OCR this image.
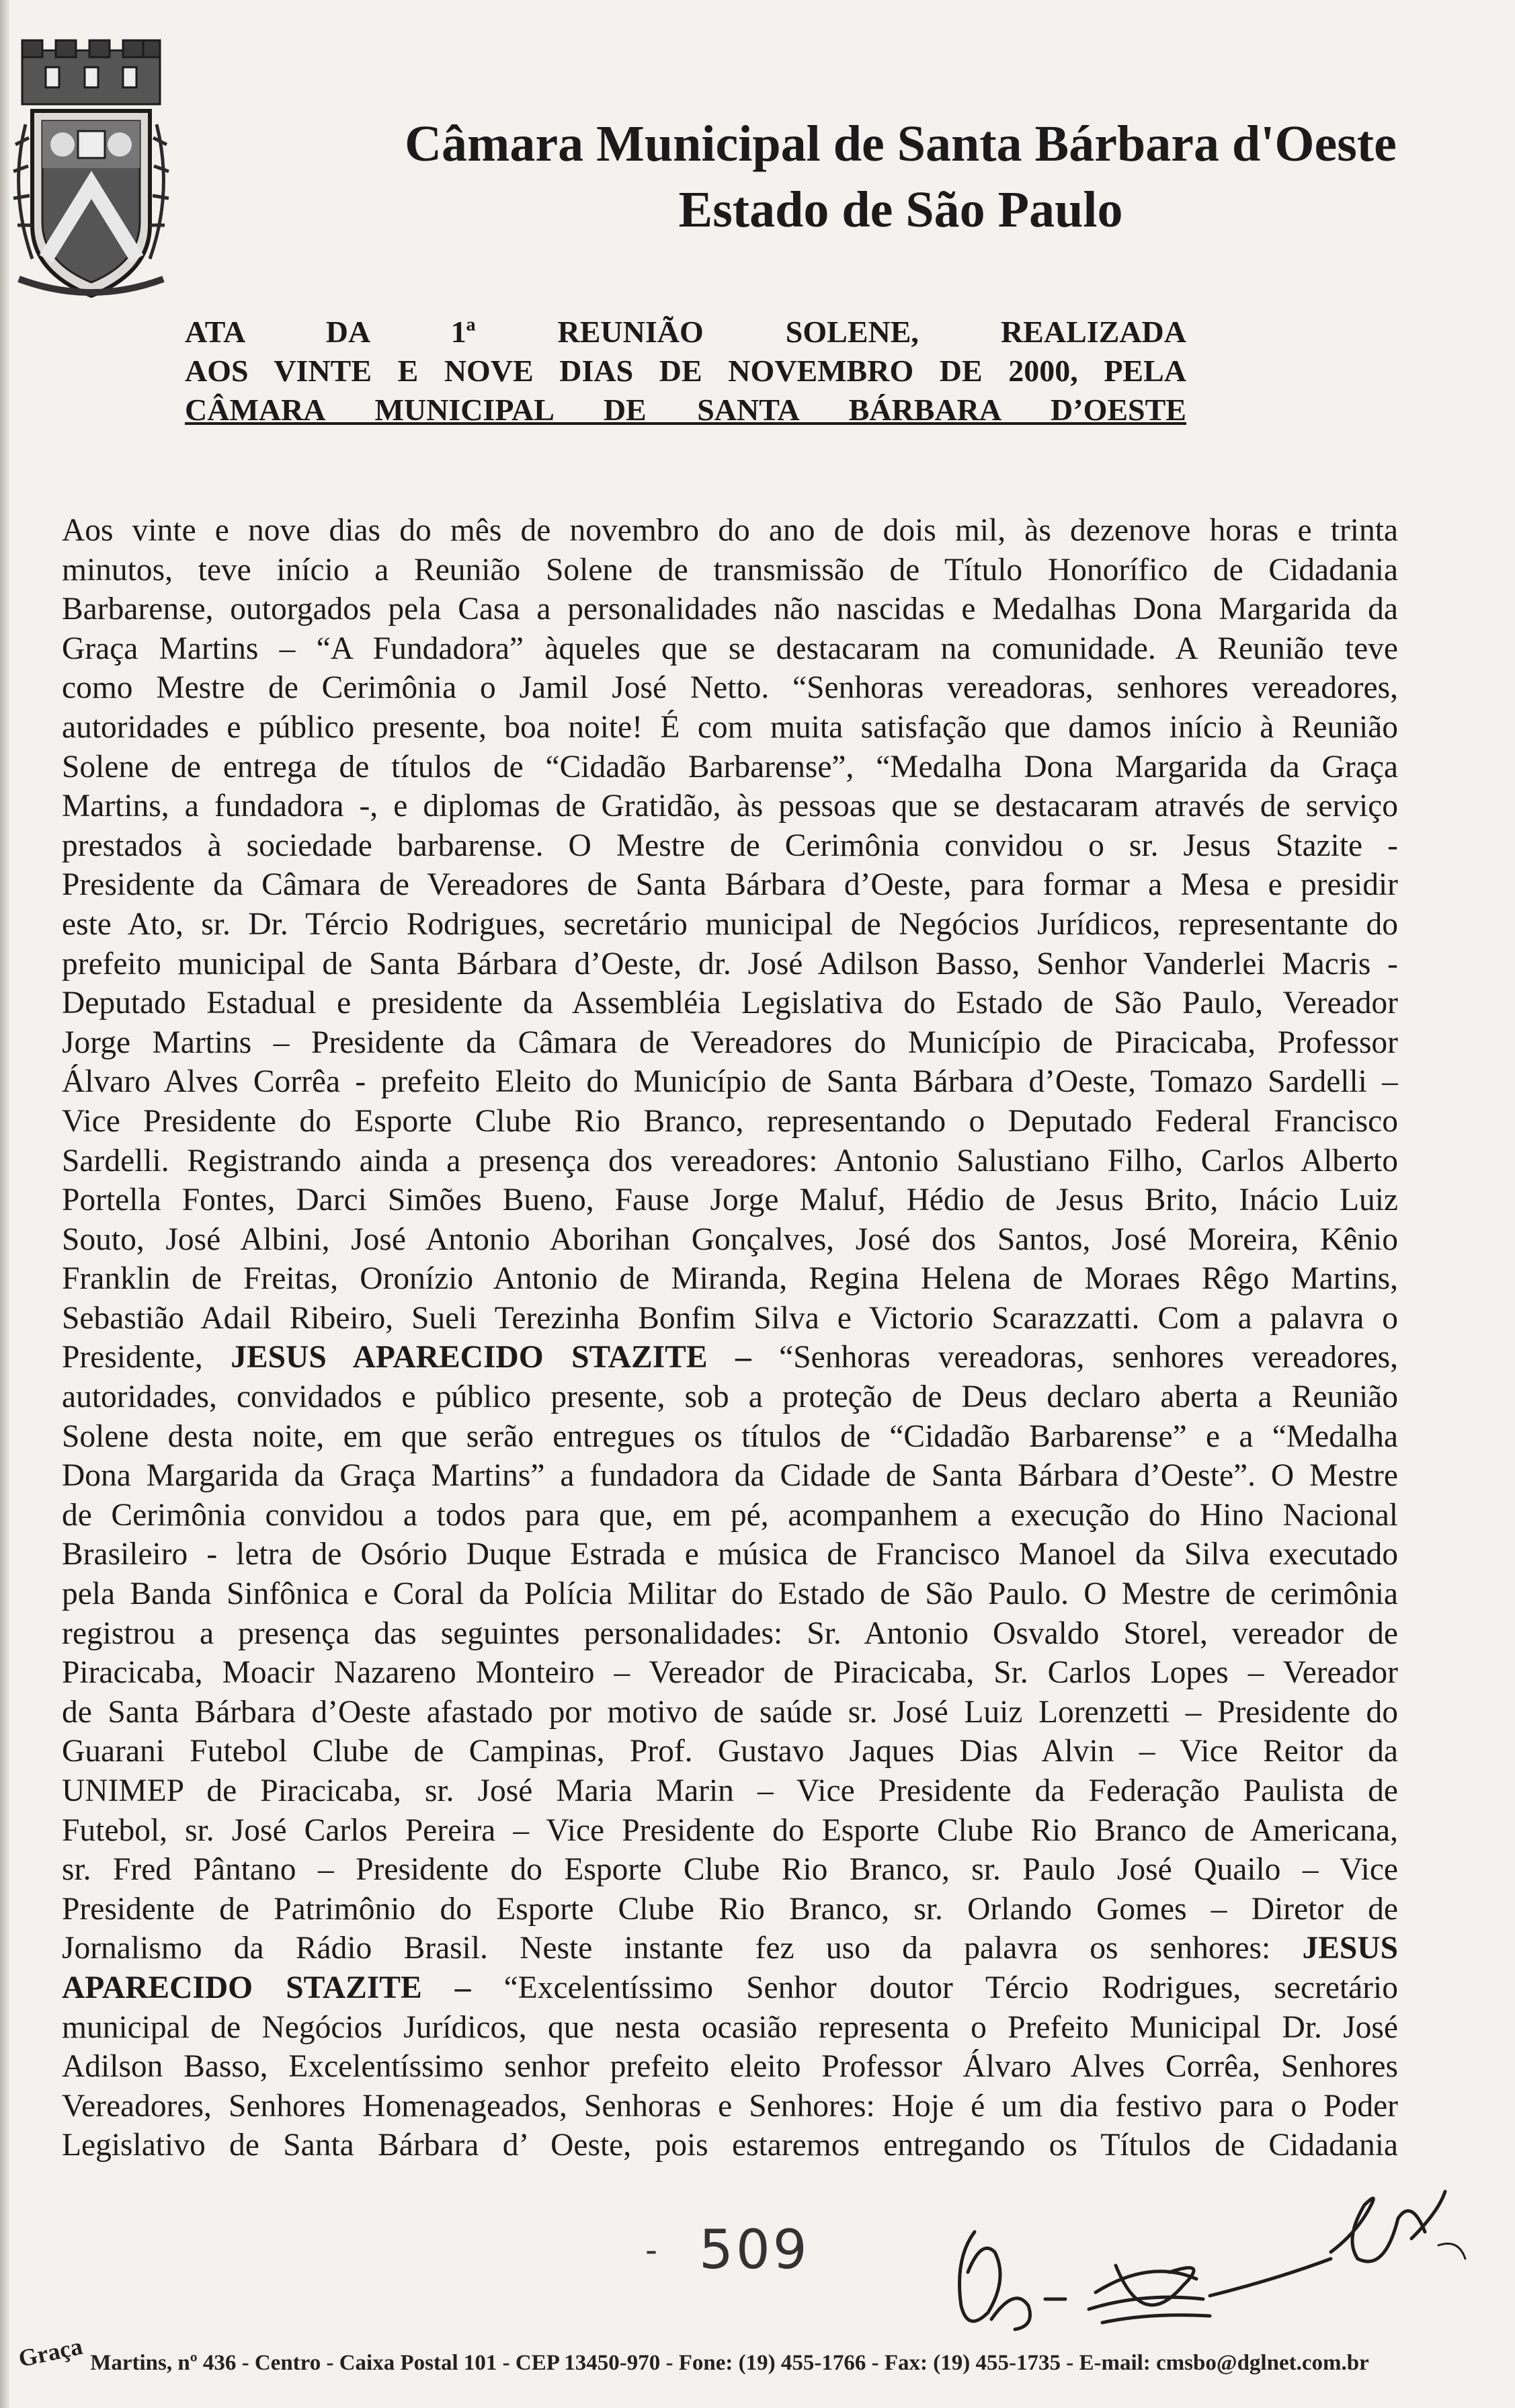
Câmara Municipal de Santa Bárbara d'Oeste
Estado de São Paulo
ATA DA 1ª REUNIÃO SOLENE, REALIZADA
AOS VINTE E NOVE DIAS DE NOVEMBRO DE 2000, PELA
CÂMARA MUNICIPAL DE SANTA BÁRBARA D’OESTE
Aos vinte e nove dias do mês de novembro do ano de dois mil, às dezenove horas e trinta
minutos, teve início a Reunião Solene de transmissão de Título Honorífico de Cidadania
Barbarense, outorgados pela Casa a personalidades não nascidas e Medalhas Dona Margarida da
Graça Martins – “A Fundadora” àqueles que se destacaram na comunidade. A Reunião teve
como Mestre de Cerimônia o Jamil José Netto. “Senhoras vereadoras, senhores vereadores,
autoridades e público presente, boa noite! É com muita satisfação que damos início à Reunião
Solene de entrega de títulos de “Cidadão Barbarense”, “Medalha Dona Margarida da Graça
Martins, a fundadora -, e diplomas de Gratidão, às pessoas que se destacaram através de serviço
prestados à sociedade barbarense. O Mestre de Cerimônia convidou o sr. Jesus Stazite -
Presidente da Câmara de Vereadores de Santa Bárbara d’Oeste, para formar a Mesa e presidir
este Ato, sr. Dr. Tércio Rodrigues, secretário municipal de Negócios Jurídicos, representante do
prefeito municipal de Santa Bárbara d’Oeste, dr. José Adilson Basso, Senhor Vanderlei Macris -
Deputado Estadual e presidente da Assembléia Legislativa do Estado de São Paulo, Vereador
Jorge Martins – Presidente da Câmara de Vereadores do Município de Piracicaba, Professor
Álvaro Alves Corrêa - prefeito Eleito do Município de Santa Bárbara d’Oeste, Tomazo Sardelli –
Vice Presidente do Esporte Clube Rio Branco, representando o Deputado Federal Francisco
Sardelli. Registrando ainda a presença dos vereadores: Antonio Salustiano Filho, Carlos Alberto
Portella Fontes, Darci Simões Bueno, Fause Jorge Maluf, Hédio de Jesus Brito, Inácio Luiz
Souto, José Albini, José Antonio Aborihan Gonçalves, José dos Santos, José Moreira, Kênio
Franklin de Freitas, Oronízio Antonio de Miranda, Regina Helena de Moraes Rêgo Martins,
Sebastião Adail Ribeiro, Sueli Terezinha Bonfim Silva e Victorio Scarazzatti. Com a palavra o
Presidente, JESUS APARECIDO STAZITE – “Senhoras vereadoras, senhores vereadores,
autoridades, convidados e público presente, sob a proteção de Deus declaro aberta a Reunião
Solene desta noite, em que serão entregues os títulos de “Cidadão Barbarense” e a “Medalha
Dona Margarida da Graça Martins” a fundadora da Cidade de Santa Bárbara d’Oeste”. O Mestre
de Cerimônia convidou a todos para que, em pé, acompanhem a execução do Hino Nacional
Brasileiro - letra de Osório Duque Estrada e música de Francisco Manoel da Silva executado
pela Banda Sinfônica e Coral da Polícia Militar do Estado de São Paulo. O Mestre de cerimônia
registrou a presença das seguintes personalidades: Sr. Antonio Osvaldo Storel, vereador de
Piracicaba, Moacir Nazareno Monteiro – Vereador de Piracicaba, Sr. Carlos Lopes – Vereador
de Santa Bárbara d’Oeste afastado por motivo de saúde sr. José Luiz Lorenzetti – Presidente do
Guarani Futebol Clube de Campinas, Prof. Gustavo Jaques Dias Alvin – Vice Reitor da
UNIMEP de Piracicaba, sr. José Maria Marin – Vice Presidente da Federação Paulista de
Futebol, sr. José Carlos Pereira – Vice Presidente do Esporte Clube Rio Branco de Americana,
sr. Fred Pântano – Presidente do Esporte Clube Rio Branco, sr. Paulo José Quailo – Vice
Presidente de Patrimônio do Esporte Clube Rio Branco, sr. Orlando Gomes – Diretor de
Jornalismo da Rádio Brasil. Neste instante fez uso da palavra os senhores: JESUS
APARECIDO STAZITE – “Excelentíssimo Senhor doutor Tércio Rodrigues, secretário
municipal de Negócios Jurídicos, que nesta ocasião representa o Prefeito Municipal Dr. José
Adilson Basso, Excelentíssimo senhor prefeito eleito Professor Álvaro Alves Corrêa, Senhores
Vereadores, Senhores Homenageados, Senhoras e Senhores: Hoje é um dia festivo para o Poder
Legislativo de Santa Bárbara d’ Oeste, pois estaremos entregando os Títulos de Cidadania
- 509
Graça Martins, nº 436 - Centro - Caixa Postal 101 - CEP 13450-970 - Fone: (19) 455-1766 - Fax: (19) 455-1735 - E-mail: cmsbo@dglnet.com.br
